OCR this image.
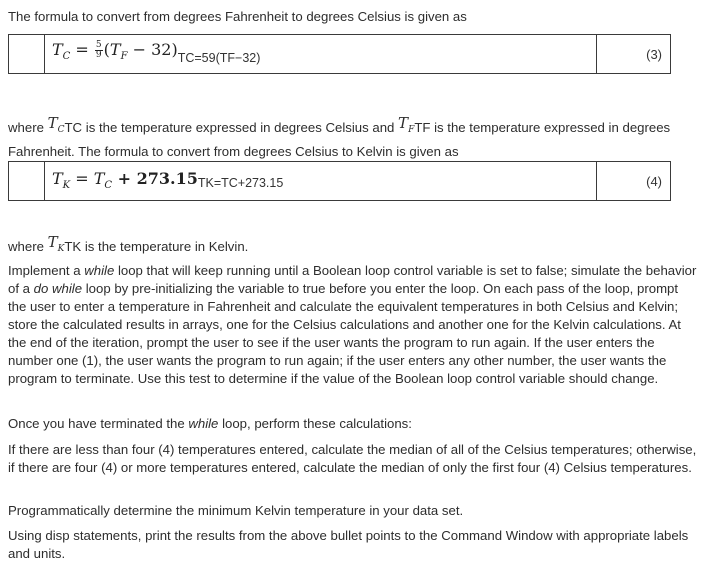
The formula to convert from degrees Fahrenheit to degrees Celsius is given as

$T_C = \frac{5}{9} (T_F - 32)TC=59(TF-32)$	(3)

where $T_CTC$ is the temperature expressed in degrees Celsius and $T_FTF$ is the temperature expressed in degrees Fahrenheit. The formula to convert from degrees Celsius to Kelvin is given as

$T_K = T_C + 273.15TK=TC+273.15$	(4)

where $T_KTK$ is the temperature in Kelvin.

Implement a while loop that will keep running until a Boolean loop control variable is set to false; simulate the behavior of a do while loop by pre-initializing the variable to true before you enter the loop. On each pass of the loop, prompt the user to enter a temperature in Fahrenheit and calculate the equivalent temperatures in both Celsius and Kelvin; store the calculated results in arrays, one for the Celsius calculations and another one for the Kelvin calculations. At the end of the iteration, prompt the user to see if the user wants the program to run again. If the user enters the number one (1), the user wants the program to run again; if the user enters any other number, the user wants the program to terminate. Use this test to determine if the value of the Boolean loop control variable should change.

Once you have terminated the while loop, perform these calculations:

If there are less than four (4) temperatures entered, calculate the median of all of the Celsius temperatures; otherwise, if there are four (4) or more temperatures entered, calculate the median of only the first four (4) Celsius temperatures.

Programmatically determine the minimum Kelvin temperature in your data set.

Using disp statements, print the results from the above bullet points to the Command Window with appropriate labels and units.
